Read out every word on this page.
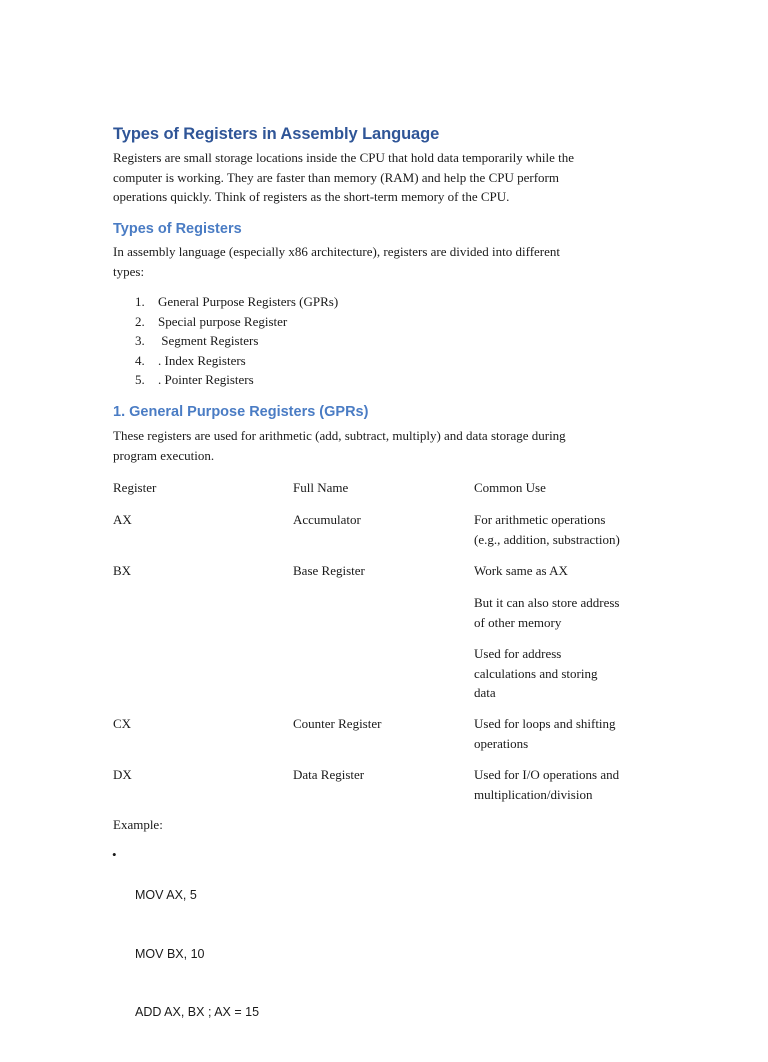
Types of Registers in Assembly Language

Registers are small storage locations inside the CPU that hold data temporarily while the
computer is working. They are faster than memory (RAM) and help the CPU perform
operations quickly. Think of registers as the short-term memory of the CPU.

Types of Registers

In assembly language (especially x86 architecture), registers are divided into different
types:

1. General Purpose Registers (GPRs)
2. Special purpose Register
3. Segment Registers
4. . Index Registers
5. . Pointer Registers
1. General Purpose Registers (GPRs)

These registers are used for arithmetic (add, subtract, multiply) and data storage during
program execution.

Register	Full Name	Common Use
AX	Accumulator	For arithmetic operations
(e.g., addition, substraction)
BX	Base Register	Work same as AX
But it can also store address
of other memory
Used for address
calculations and storing
data
CX	Counter Register	Used for loops and shifting
operations
DX	Data Register	Used for I/O operations and
multiplication/division
Example:
•

MOV AX, 5

MOV BX, 10

ADD AX, BX ; AX = 15
